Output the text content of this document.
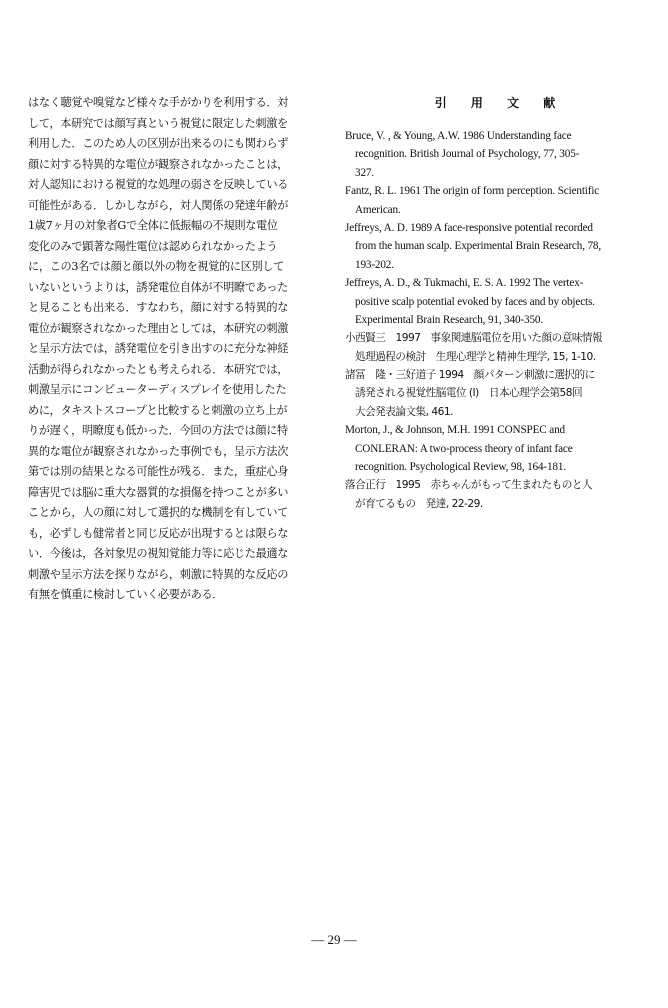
はなく聴覚や嗅覚など様々な手がかりを利用する．対
して，本研究では顔写真という視覚に限定した刺激を
利用した．このため人の区別が出来るのにも関わらず
顔に対する特異的な電位が観察されなかったことは，
対人認知における視覚的な処理の弱さを反映している
可能性がある．しかしながら，対人関係の発達年齢が
1歳7ヶ月の対象者Gで全体に低振幅の不規則な電位
変化のみで顕著な陽性電位は認められなかったよう
に，この3名では顔と顔以外の物を視覚的に区別して
いないというよりは，誘発電位自体が不明瞭であった
と見ることも出来る．すなわち，顔に対する特異的な
電位が観察されなかった理由としては，本研究の刺激
と呈示方法では，誘発電位を引き出すのに充分な神経
活動が得られなかったとも考えられる．本研究では，
刺激呈示にコンピューターディスプレイを使用したた
めに，タキストスコープと比較すると刺激の立ち上が
りが遅く，明瞭度も低かった．今回の方法では顔に特
異的な電位が観察されなかった事例でも，呈示方法次
第では別の結果となる可能性が残る．また，重症心身
障害児では脳に重大な器質的な損傷を持つことが多い
ことから，人の顔に対して選択的な機制を有していて
も，必ずしも健常者と同じ反応が出現するとは限らな
い．今後は，各対象児の視知覚能力等に応じた最適な
刺激や呈示方法を探りながら，刺激に特異的な反応の
有無を慎重に検討していく必要がある．
引 用 文 献
Bruce, V. , & Young, A.W. 1986 Understanding face
recognition. British Journal of Psychology, 77, 305-
327.
Fantz, R. L. 1961 The origin of form perception. Scientific
American.
Jeffreys, A. D. 1989 A face-responsive potential recorded
from the human scalp. Experimental Brain Research, 78,
193-202.
Jeffreys, A. D., & Tukmachi, E. S. A. 1992 The vertex-
positive scalp potential evoked by faces and by objects.
Experimental Brain Research, 91, 340-350.
小西賢三　1997　事象関連脳電位を用いた顔の意味情報
処理過程の検討　生理心理学と精神生理学, 15, 1-10.
諸冨　隆・三好道子 1994　顔パターン刺激に選択的に
誘発される視覚性脳電位 (Ⅰ)　日本心理学会第58回
大会発表論文集, 461.
Morton, J., & Johnson, M.H. 1991 CONSPEC and
CONLERAN: A two-process theory of infant face
recognition. Psychological Review, 98, 164-181.
落合正行　1995　赤ちゃんがもって生まれたものと人
が育てるもの　発達, 22-29.
— 29 —
